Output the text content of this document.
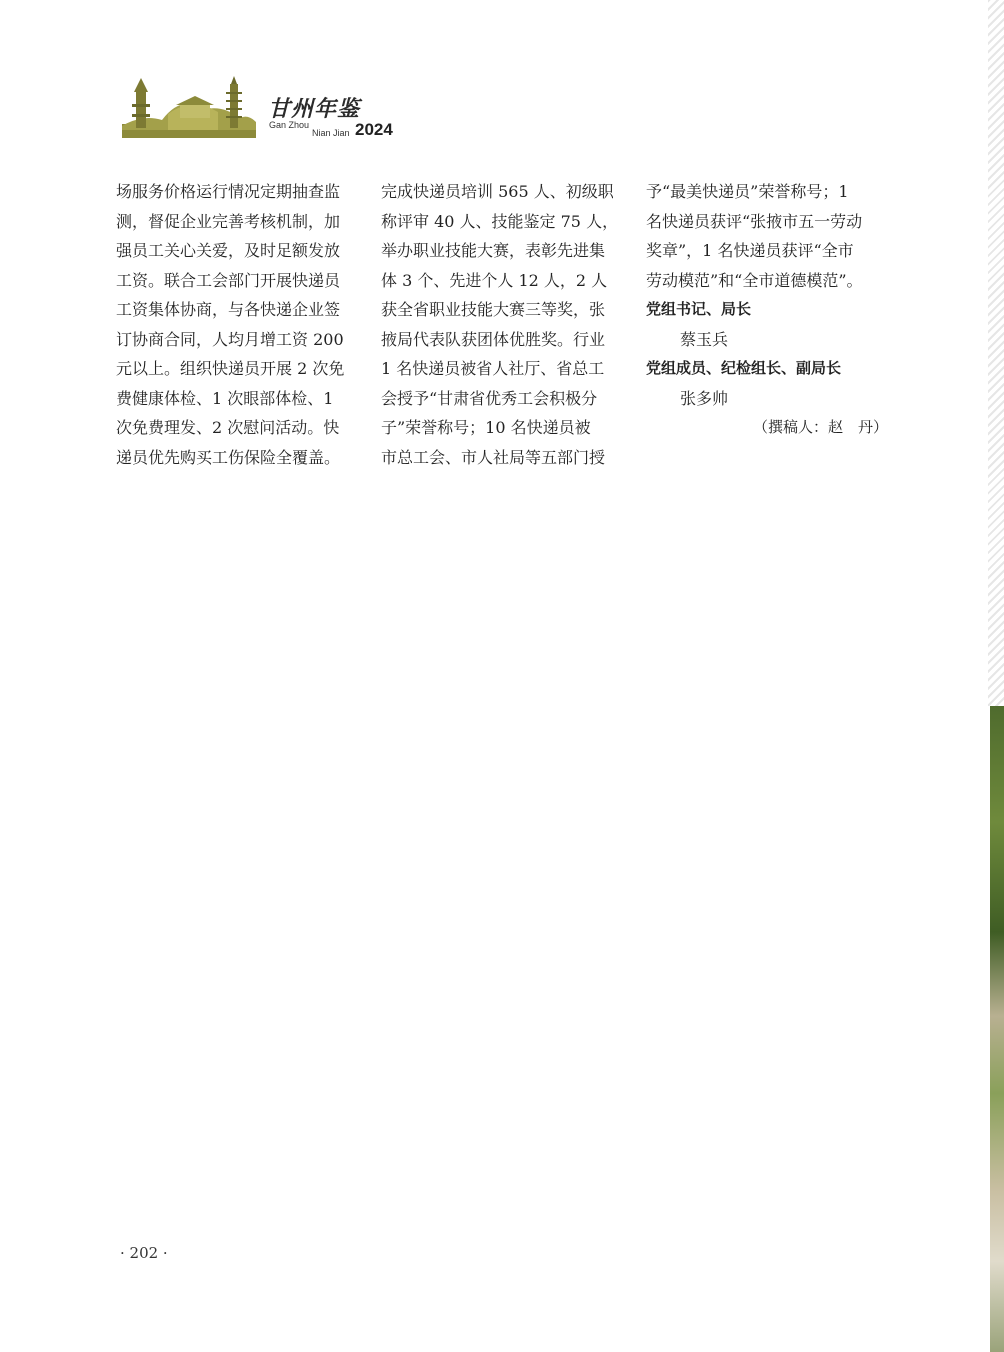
甘州年鉴
Gan Zhou
Nian Jian 2024

场服务价格运行情况定期抽查监

测，督促企业完善考核机制，加

强员工关心关爱，及时足额发放

工资。联合工会部门开展快递员

工资集体协商，与各快递企业签

订协商合同，人均月增工资 200

元以上。组织快递员开展 2 次免

费健康体检、1 次眼部体检、1

次免费理发、2 次慰问活动。快

递员优先购买工伤保险全覆盖。

完成快递员培训 565 人、初级职

称评审 40 人、技能鉴定 75 人，

举办职业技能大赛，表彰先进集

体 3 个、先进个人 12 人，2 人

获全省职业技能大赛三等奖，张

掖局代表队获团体优胜奖。行业

1 名快递员被省人社厅、省总工

会授予“甘肃省优秀工会积极分

子”荣誉称号；10 名快递员被

市总工会、市人社局等五部门授

予“最美快递员”荣誉称号；1

名快递员获评“张掖市五一劳动

奖章”，1 名快递员获评“全市

劳动模范”和“全市道德模范”。

党组书记、局长

蔡玉兵

党组成员、纪检组长、副局长

张多帅

（撰稿人：赵　丹）

· 202 ·
